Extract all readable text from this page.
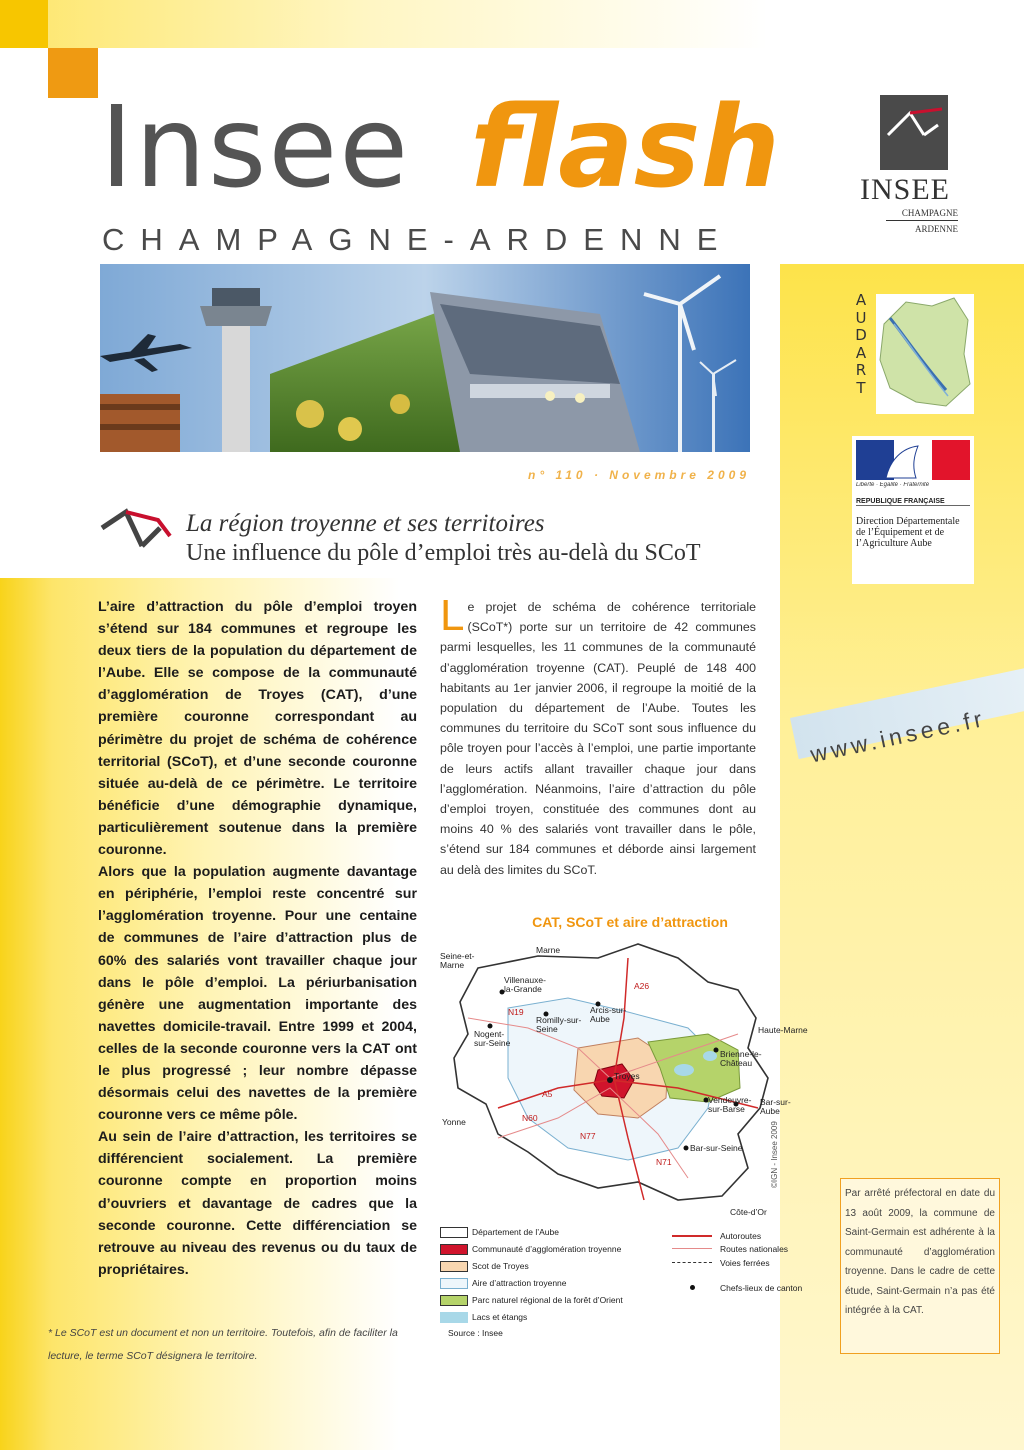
Insee flash
CHAMPAGNE-ARDENNE
INSEE
CHAMPAGNE
ARDENNE
n° 110 · Novembre 2009
La région troyenne et ses territoires
Une influence du pôle d’emploi très au-delà du SCoT

L’aire d’attraction du pôle d’emploi troyen s’étend sur 184 communes et regroupe les deux tiers de la population du département de l’Aube. Elle se compose de la communauté d’agglomération de Troyes (CAT), d’une première couronne correspondant au périmètre du projet de schéma de cohérence territorial (SCoT), et d’une seconde couronne située au-delà de ce périmètre. Le territoire bénéficie d’une démographie dynamique, particulièrement soutenue dans la première couronne.

Alors que la population augmente davantage en périphérie, l’emploi reste concentré sur l’agglomération troyenne. Pour une centaine de communes de l’aire d’attraction plus de 60% des salariés vont travailler chaque jour dans le pôle d’emploi. La périurbanisation génère une augmentation importante des navettes domicile-travail. Entre 1999 et 2004, celles de la seconde couronne vers la CAT ont le plus progressé ; leur nombre dépasse désormais celui des navettes de la première couronne vers ce même pôle.

Au sein de l’aire d’attraction, les territoires se différencient socialement. La première couronne compte en proportion moins d’ouvriers et davantage de cadres que la seconde couronne. Cette différenciation se retrouve au niveau des revenus ou du taux de propriétaires.

* Le SCoT est un document et non un territoire. Toutefois, afin de faciliter la lecture, le terme SCoT désignera le territoire.
Le projet de schéma de cohérence territoriale (SCoT*) porte sur un territoire de 42 communes parmi lesquelles, les 11 communes de la communauté d’agglomération troyenne (CAT). Peuplé de 148 400 habitants au 1er janvier 2006, il regroupe la moitié de la population du département de l’Aube. Toutes les communes du territoire du SCoT sont sous influence du pôle troyen pour l’accès à l’emploi, une partie importante de leurs actifs allant travailler chaque jour dans l’agglomération. Néanmoins, l’aire d’attraction du pôle d’emploi troyen, constituée des communes dont au moins 40 % des salariés vont travailler dans le pôle, s’étend sur 184 communes et déborde ainsi largement au delà des limites du SCoT.
CAT, SCoT et aire d’attraction
Seine-et-Marne
Marne
Haute-Marne
Yonne
Côte-d’Or
Villenauxe-la-Grande
Romilly-sur-Seine
Arcis-sur-Aube
Nogent-sur-Seine
Brienne-le-Château
Troyes
Vendeuvre-sur-Barse
Bar-sur-Aube
Bar-sur-Seine	©IGN - Insee 2009
A5
A26
N19
N60
N71
N77
Département de l’Aube
Communauté d’agglomération troyenne
Scot de Troyes
Aire d’attraction troyenne
Parc naturel régional de la forêt d’Orient
Lacs et étangs
Autoroutes
Routes nationales
Voies ferrées
Chefs-lieux de canton
Source : Insee
AUDART
Liberté · Égalité · Fraternité
RÉPUBLIQUE FRANÇAISE
Direction Départementale de l’Équipement et de l’Agriculture Aube
www.insee.fr
Par arrêté préfectoral en date du 13 août 2009, la commune de Saint-Germain est adhérente à la communauté d’agglomération troyenne. Dans le cadre de cette étude, Saint-Germain n’a pas été intégrée à la CAT.
